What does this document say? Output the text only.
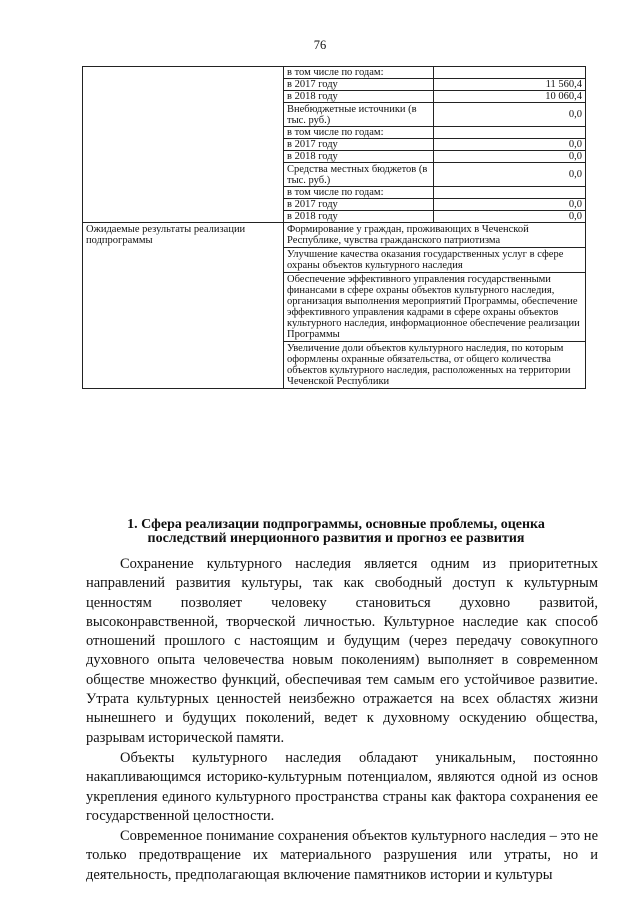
76
	в том числе по годам:	
	в 2017 году	11 560,4
	в 2018 году	10 060,4
	Внебюджетные источники (в тыс. руб.)	0,0
	в том числе по годам:	
	в 2017 году	0,0
	в 2018 году	0,0
	Средства местных бюджетов (в тыс. руб.)	0,0
	в том числе по годам:	
	в 2017 году	0,0
	в 2018 году	0,0
Ожидаемые результаты реализации подпрограммы	Формирование у граждан, проживающих в Чеченской Республике, чувства гражданского патриотизма	
	Улучшение качества оказания государственных услуг в сфере охраны объектов культурного наследия	
	Обеспечение эффективного управления государственными финансами в сфере охраны объектов культурного наследия, организация выполнения мероприятий Программы, обеспечение эффективного управления кадрами в сфере охраны объектов культурного наследия, информационное обеспечение реализации Программы	
	Увеличение доли объектов культурного наследия, по которым оформлены охранные обязательства, от общего количества объектов культурного наследия, расположенных на территории Чеченской Республики	
1. Сфера реализации подпрограммы, основные проблемы, оценка последствий инерционного развития и прогноз ее развития

Сохранение культурного наследия является одним из приоритетных направлений развития культуры, так как свободный доступ к культурным ценностям позволяет человеку становиться духовно развитой, высоконравственной, творческой личностью. Культурное наследие как способ отношений прошлого с настоящим и будущим (через передачу совокупного духовного опыта человечества новым поколениям) выполняет в современном обществе множество функций, обеспечивая тем самым его устойчивое развитие. Утрата культурных ценностей неизбежно отражается на всех областях жизни нынешнего и будущих поколений, ведет к духовному оскудению общества, разрывам исторической памяти.

Объекты культурного наследия обладают уникальным, постоянно накапливающимся историко-культурным потенциалом, являются одной из основ укрепления единого культурного пространства страны как фактора сохранения ее государственной целостности.

Современное понимание сохранения объектов культурного наследия – это не только предотвращение их материального разрушения или утраты, но и деятельность, предполагающая включение памятников истории и культуры
